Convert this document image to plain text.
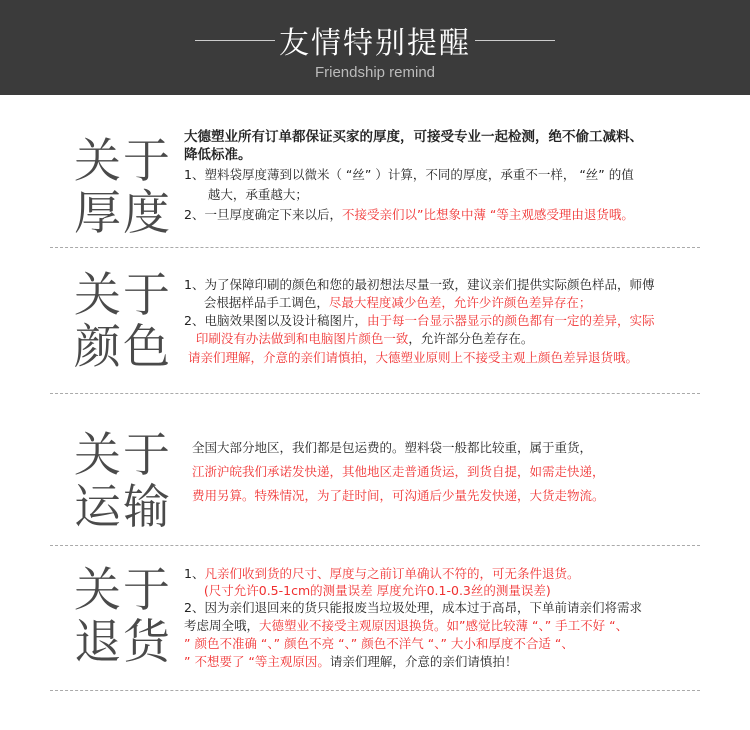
友情特别提醒
Friendship remind
关于
厚度
大德塑业所有订单都保证买家的厚度，可接受专业一起检测，绝不偷工减料、
降低标准。
1、塑料袋厚度薄到以微米（ “丝” ）计算，不同的厚度，承重不一样， “丝” 的值
越大，承重越大；
2、一旦厚度确定下来以后，不接受亲们以”比想象中薄 “等主观感受理由退货哦。
关于
颜色
1、为了保障印刷的颜色和您的最初想法尽量一致，建议亲们提供实际颜色样品，师傅
会根据样品手工调色，尽最大程度减少色差，允许少许颜色差异存在；
2、电脑效果图以及设计稿图片，由于每一台显示器显示的颜色都有一定的差异，实际
印刷没有办法做到和电脑图片颜色一致，允许部分色差存在。
请亲们理解，介意的亲们请慎拍，大德塑业原则上不接受主观上颜色差异退货哦。
关于
运输
全国大部分地区，我们都是包运费的。塑料袋一般都比较重，属于重货，
江浙沪皖我们承诺发快递，其他地区走普通货运，到货自提，如需走快递，
费用另算。特殊情况，为了赶时间，可沟通后少量先发快递，大货走物流。
关于
退货
1、凡亲们收到货的尺寸、厚度与之前订单确认不符的，可无条件退货。
(尺寸允许0.5-1cm的测量误差 厚度允许0.1-0.3丝的测量误差)
2、因为亲们退回来的货只能报废当垃圾处理，成本过于高昂，下单前请亲们将需求
考虑周全哦，大德塑业不接受主观原因退换货。如”感觉比较薄 “、” 手工不好 “、
” 颜色不准确 “、” 颜色不亮 “、” 颜色不洋气 “、” 大小和厚度不合适 “、
” 不想要了 “等主观原因。请亲们理解，介意的亲们请慎拍！
